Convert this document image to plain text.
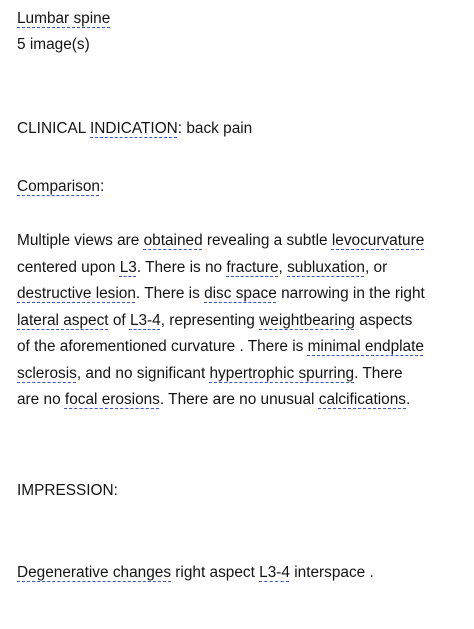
Lumbar spine
5 image(s)
CLINICAL INDICATION: back pain
Comparison:
Multiple views are obtained revealing a subtle levocurvature
centered upon L3. There is no fracture, subluxation, or
destructive lesion. There is disc space narrowing in the right
lateral aspect of L3-4, representing weightbearing aspects
of the aforementioned curvature . There is minimal endplate
sclerosis, and no significant hypertrophic spurring. There
are no focal erosions. There are no unusual calcifications.
IMPRESSION:
Degenerative changes right aspect L3-4 interspace .
